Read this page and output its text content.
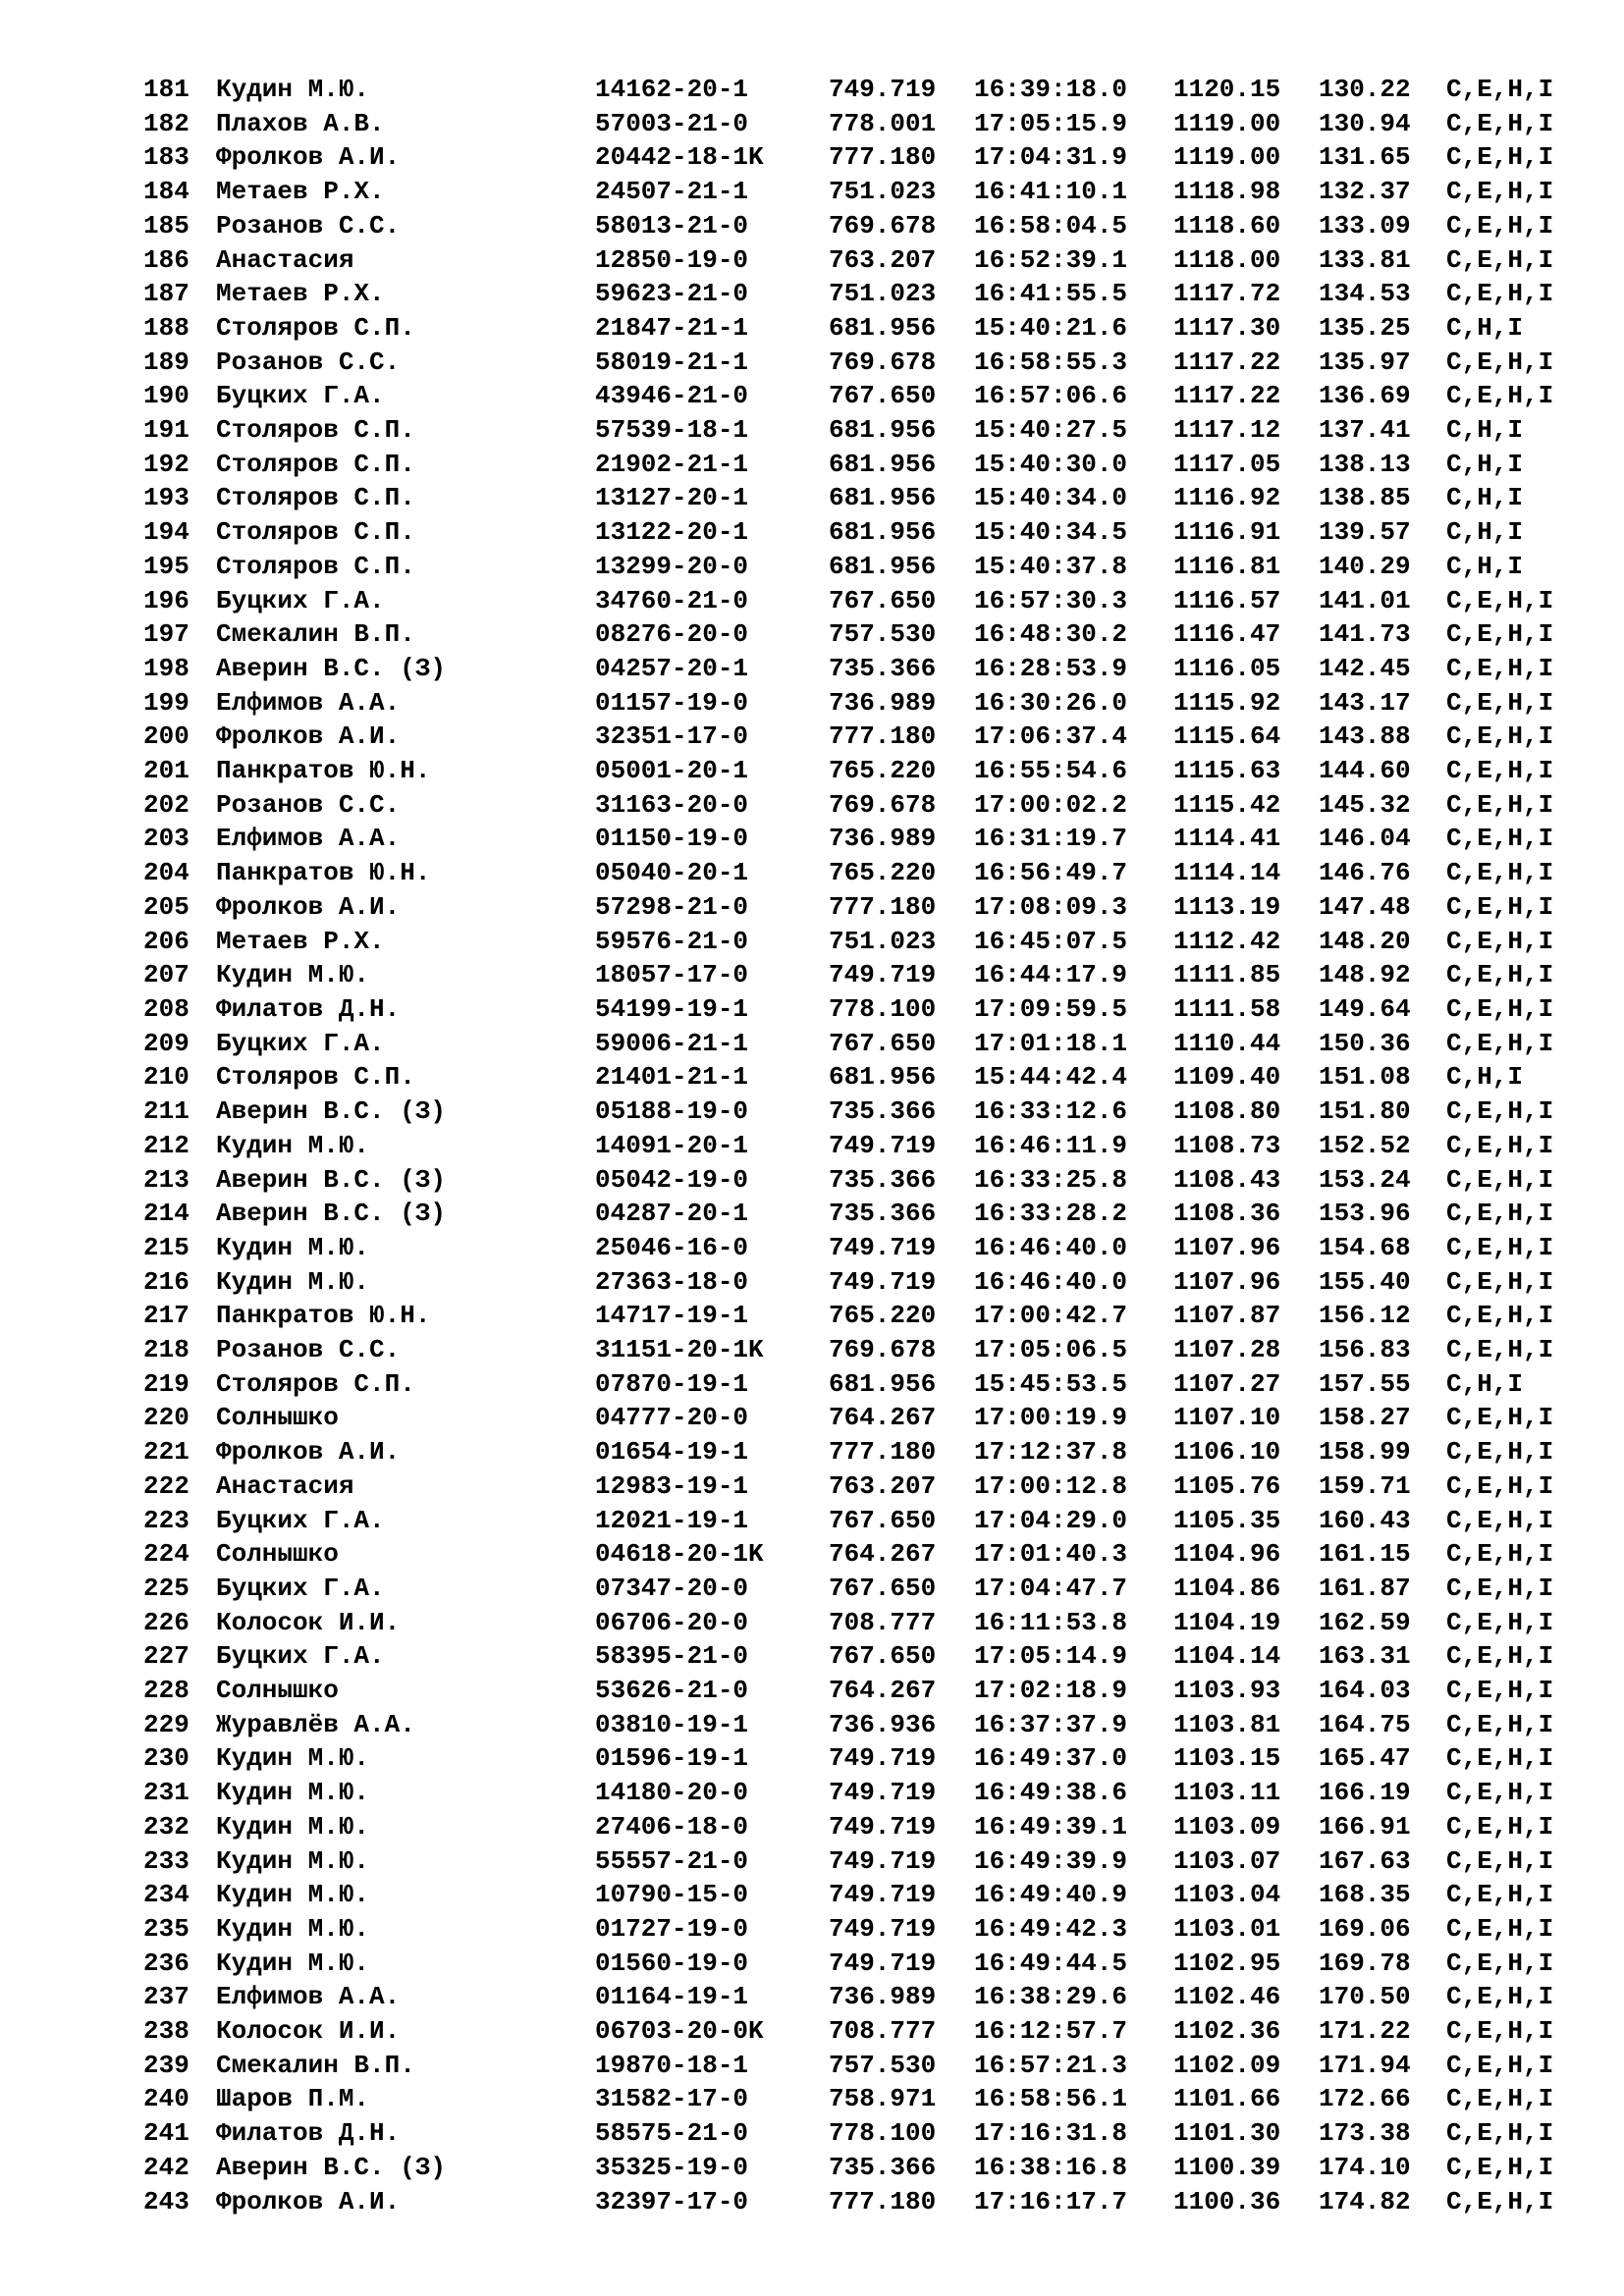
181	Кудин М.Ю.	14162-20-1	749.719	16:39:18.0	1120.15	130.22	C,E,H,I
182	Плахов А.В.	57003-21-0	778.001	17:05:15.9	1119.00	130.94	C,E,H,I
183	Фролков А.И.	20442-18-1K	777.180	17:04:31.9	1119.00	131.65	C,E,H,I
184	Метаев Р.Х.	24507-21-1	751.023	16:41:10.1	1118.98	132.37	C,E,H,I
185	Розанов С.С.	58013-21-0	769.678	16:58:04.5	1118.60	133.09	C,E,H,I
186	Анастасия	12850-19-0	763.207	16:52:39.1	1118.00	133.81	C,E,H,I
187	Метаев Р.Х.	59623-21-0	751.023	16:41:55.5	1117.72	134.53	C,E,H,I
188	Столяров С.П.	21847-21-1	681.956	15:40:21.6	1117.30	135.25	C,H,I
189	Розанов С.С.	58019-21-1	769.678	16:58:55.3	1117.22	135.97	C,E,H,I
190	Буцких Г.А.	43946-21-0	767.650	16:57:06.6	1117.22	136.69	C,E,H,I
191	Столяров С.П.	57539-18-1	681.956	15:40:27.5	1117.12	137.41	C,H,I
192	Столяров С.П.	21902-21-1	681.956	15:40:30.0	1117.05	138.13	C,H,I
193	Столяров С.П.	13127-20-1	681.956	15:40:34.0	1116.92	138.85	C,H,I
194	Столяров С.П.	13122-20-1	681.956	15:40:34.5	1116.91	139.57	C,H,I
195	Столяров С.П.	13299-20-0	681.956	15:40:37.8	1116.81	140.29	C,H,I
196	Буцких Г.А.	34760-21-0	767.650	16:57:30.3	1116.57	141.01	C,E,H,I
197	Смекалин В.П.	08276-20-0	757.530	16:48:30.2	1116.47	141.73	C,E,H,I
198	Аверин В.С. (З)	04257-20-1	735.366	16:28:53.9	1116.05	142.45	C,E,H,I
199	Елфимов А.А.	01157-19-0	736.989	16:30:26.0	1115.92	143.17	C,E,H,I
200	Фролков А.И.	32351-17-0	777.180	17:06:37.4	1115.64	143.88	C,E,H,I
201	Панкратов Ю.Н.	05001-20-1	765.220	16:55:54.6	1115.63	144.60	C,E,H,I
202	Розанов С.С.	31163-20-0	769.678	17:00:02.2	1115.42	145.32	C,E,H,I
203	Елфимов А.А.	01150-19-0	736.989	16:31:19.7	1114.41	146.04	C,E,H,I
204	Панкратов Ю.Н.	05040-20-1	765.220	16:56:49.7	1114.14	146.76	C,E,H,I
205	Фролков А.И.	57298-21-0	777.180	17:08:09.3	1113.19	147.48	C,E,H,I
206	Метаев Р.Х.	59576-21-0	751.023	16:45:07.5	1112.42	148.20	C,E,H,I
207	Кудин М.Ю.	18057-17-0	749.719	16:44:17.9	1111.85	148.92	C,E,H,I
208	Филатов Д.Н.	54199-19-1	778.100	17:09:59.5	1111.58	149.64	C,E,H,I
209	Буцких Г.А.	59006-21-1	767.650	17:01:18.1	1110.44	150.36	C,E,H,I
210	Столяров С.П.	21401-21-1	681.956	15:44:42.4	1109.40	151.08	C,H,I
211	Аверин В.С. (З)	05188-19-0	735.366	16:33:12.6	1108.80	151.80	C,E,H,I
212	Кудин М.Ю.	14091-20-1	749.719	16:46:11.9	1108.73	152.52	C,E,H,I
213	Аверин В.С. (З)	05042-19-0	735.366	16:33:25.8	1108.43	153.24	C,E,H,I
214	Аверин В.С. (З)	04287-20-1	735.366	16:33:28.2	1108.36	153.96	C,E,H,I
215	Кудин М.Ю.	25046-16-0	749.719	16:46:40.0	1107.96	154.68	C,E,H,I
216	Кудин М.Ю.	27363-18-0	749.719	16:46:40.0	1107.96	155.40	C,E,H,I
217	Панкратов Ю.Н.	14717-19-1	765.220	17:00:42.7	1107.87	156.12	C,E,H,I
218	Розанов С.С.	31151-20-1K	769.678	17:05:06.5	1107.28	156.83	C,E,H,I
219	Столяров С.П.	07870-19-1	681.956	15:45:53.5	1107.27	157.55	C,H,I
220	Солнышко	04777-20-0	764.267	17:00:19.9	1107.10	158.27	C,E,H,I
221	Фролков А.И.	01654-19-1	777.180	17:12:37.8	1106.10	158.99	C,E,H,I
222	Анастасия	12983-19-1	763.207	17:00:12.8	1105.76	159.71	C,E,H,I
223	Буцких Г.А.	12021-19-1	767.650	17:04:29.0	1105.35	160.43	C,E,H,I
224	Солнышко	04618-20-1K	764.267	17:01:40.3	1104.96	161.15	C,E,H,I
225	Буцких Г.А.	07347-20-0	767.650	17:04:47.7	1104.86	161.87	C,E,H,I
226	Колосок И.И.	06706-20-0	708.777	16:11:53.8	1104.19	162.59	C,E,H,I
227	Буцких Г.А.	58395-21-0	767.650	17:05:14.9	1104.14	163.31	C,E,H,I
228	Солнышко	53626-21-0	764.267	17:02:18.9	1103.93	164.03	C,E,H,I
229	Журавлёв А.А.	03810-19-1	736.936	16:37:37.9	1103.81	164.75	C,E,H,I
230	Кудин М.Ю.	01596-19-1	749.719	16:49:37.0	1103.15	165.47	C,E,H,I
231	Кудин М.Ю.	14180-20-0	749.719	16:49:38.6	1103.11	166.19	C,E,H,I
232	Кудин М.Ю.	27406-18-0	749.719	16:49:39.1	1103.09	166.91	C,E,H,I
233	Кудин М.Ю.	55557-21-0	749.719	16:49:39.9	1103.07	167.63	C,E,H,I
234	Кудин М.Ю.	10790-15-0	749.719	16:49:40.9	1103.04	168.35	C,E,H,I
235	Кудин М.Ю.	01727-19-0	749.719	16:49:42.3	1103.01	169.06	C,E,H,I
236	Кудин М.Ю.	01560-19-0	749.719	16:49:44.5	1102.95	169.78	C,E,H,I
237	Елфимов А.А.	01164-19-1	736.989	16:38:29.6	1102.46	170.50	C,E,H,I
238	Колосок И.И.	06703-20-0K	708.777	16:12:57.7	1102.36	171.22	C,E,H,I
239	Смекалин В.П.	19870-18-1	757.530	16:57:21.3	1102.09	171.94	C,E,H,I
240	Шаров П.М.	31582-17-0	758.971	16:58:56.1	1101.66	172.66	C,E,H,I
241	Филатов Д.Н.	58575-21-0	778.100	17:16:31.8	1101.30	173.38	C,E,H,I
242	Аверин В.С. (З)	35325-19-0	735.366	16:38:16.8	1100.39	174.10	C,E,H,I
243	Фролков А.И.	32397-17-0	777.180	17:16:17.7	1100.36	174.82	C,E,H,I
